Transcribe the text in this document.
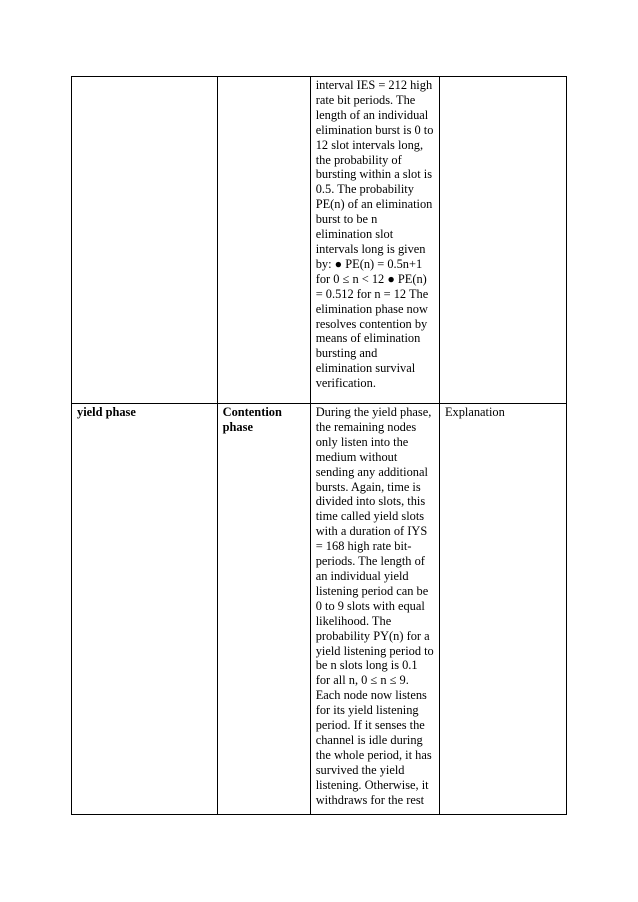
		interval IES = 212 high rate bit periods. The length of an individual elimination burst is 0 to 12 slot intervals long, the probability of bursting within a slot is 0.5. The probability PE(n) of an elimination burst to be n elimination slot intervals long is given by: ● PE(n) = 0.5n+1 for 0 ≤ n < 12 ● PE(n) = 0.512 for n = 12 The elimination phase now resolves contention by means of elimination bursting and elimination survival verification.	

yield phase	Contention phase	During the yield phase, the remaining nodes only listen into the medium without sending any additional bursts. Again, time is divided into slots, this time called yield slots with a duration of IYS = 168 high rate bit-periods. The length of an individual yield listening period can be 0 to 9 slots with equal likelihood. The probability PY(n) for a yield listening period to be n slots long is 0.1 for all n, 0 ≤ n ≤ 9. Each node now listens for its yield listening period. If it senses the channel is idle during the whole period, it has survived the yield listening. Otherwise, it withdraws for the rest	Explanation
